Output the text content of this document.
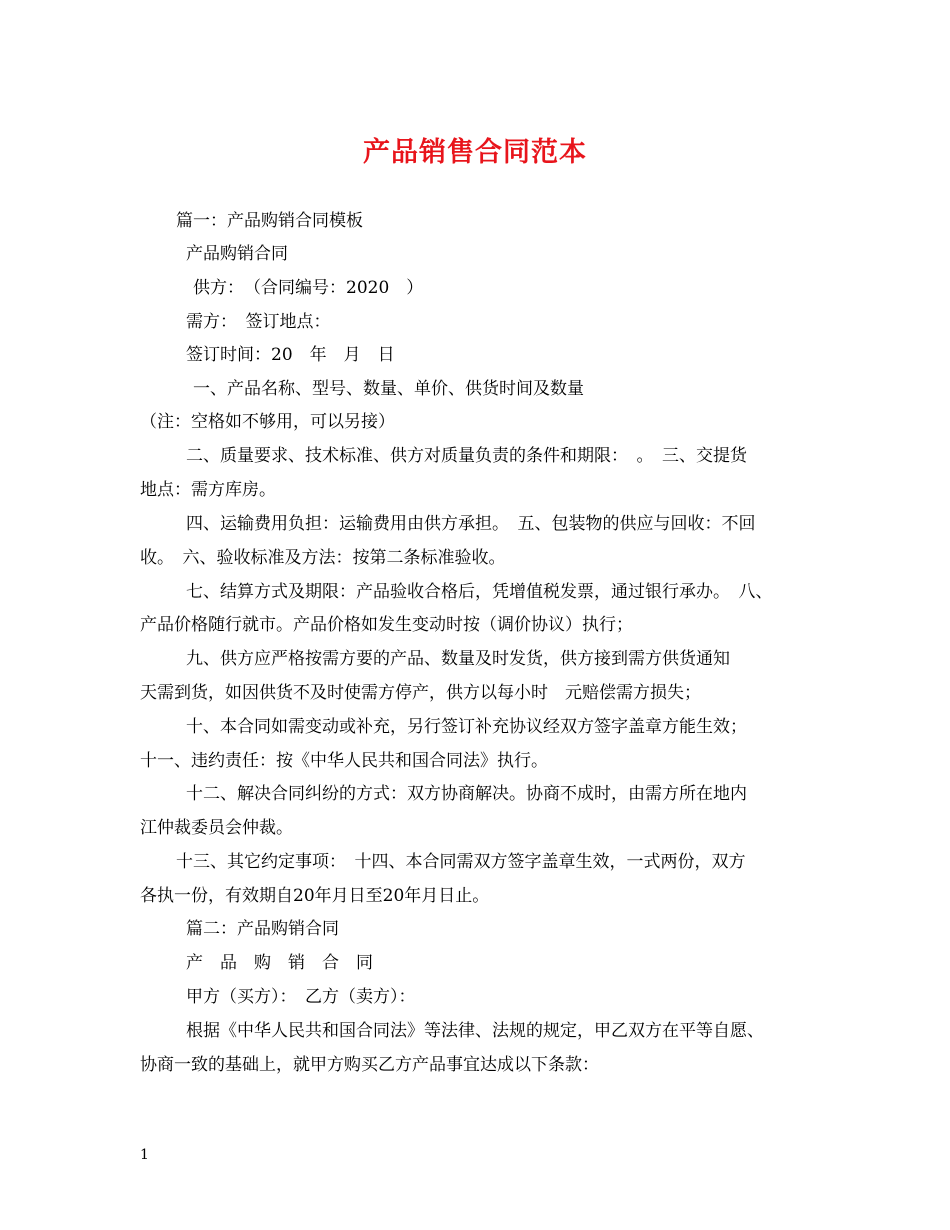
产品销售合同范本

篇一：产品购销合同模板

产品购销合同

供方：　（合同编号：2020　）

需方：　签订地点：

签订时间：20　年　月　日

一、产品名称、型号、数量、单价、供货时间及数量

（注：空格如不够用，可以另接）

二、质量要求、技术标准、供方对质量负责的条件和期限：　。　三、交提货

地点：需方库房。

四、运输费用负担：运输费用由供方承担。　五、包装物的供应与回收：不回

收。　六、验收标准及方法：按第二条标准验收。

七、结算方式及期限：产品验收合格后，凭增值税发票，通过银行承办。　八、

产品价格随行就市。产品价格如发生变动时按（调价协议）执行；

九、供方应严格按需方要的产品、数量及时发货，供方接到需方供货通知

天需到货，如因供货不及时使需方停产，供方以每小时　元赔偿需方损失；

十、本合同如需变动或补充，另行签订补充协议经双方签字盖章方能生效；

十一、违约责任：按《中华人民共和国合同法》执行。

十二、解决合同纠纷的方式：双方协商解决。协商不成时，由需方所在地内

江仲裁委员会仲裁。

十三、其它约定事项：　十四、本合同需双方签字盖章生效，一式两份，双方

各执一份，有效期自20年月日至20年月日止。

篇二：产品购销合同

产　品　购　销　合　同

甲方（买方）：　乙方（卖方）：

根据《中华人民共和国合同法》等法律、法规的规定，甲乙双方在平等自愿、

协商一致的基础上，就甲方购买乙方产品事宜达成以下条款：

1
